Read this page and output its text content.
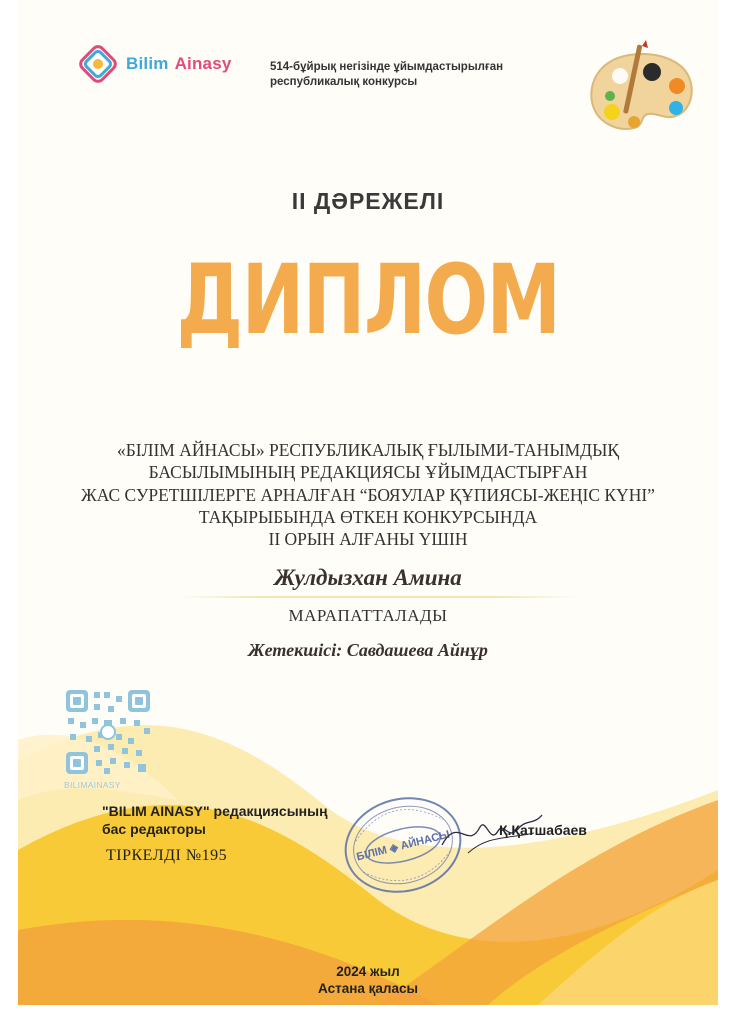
Bilim Ainasy	514-бұйрық негізінде ұйымдастырылған
республикалық конкурсы
II ДӘРЕЖЕЛІ
ДИПЛОМ
«БІЛІМ АЙНАСЫ» РЕСПУБЛИКАЛЫҚ ҒЫЛЫМИ-ТАНЫМДЫҚ
БАСЫЛЫМЫНЫҢ РЕДАКЦИЯСЫ ҰЙЫМДАСТЫРҒАН
ЖАС СУРЕТШІЛЕРГЕ АРНАЛҒАН “БОЯУЛАР ҚҰПИЯСЫ-ЖЕҢІС КҮНІ”
ТАҚЫРЫБЫНДА ӨТКЕН КОНКУРСЫНДА
II ОРЫН АЛҒАНЫ ҮШІН
Жулдызхан Амина
МАРАПАТТАЛАДЫ
Жетекшісі: Савдашева Айнұр
BILIMAINASY
"BILIM AINASY" редакциясының
бас редакторы
ТІРКЕЛДІ №195	БІЛІМ ◈ АЙНАСЫ	Қ.Қатшабаев
2024 жыл
Астана қаласы
